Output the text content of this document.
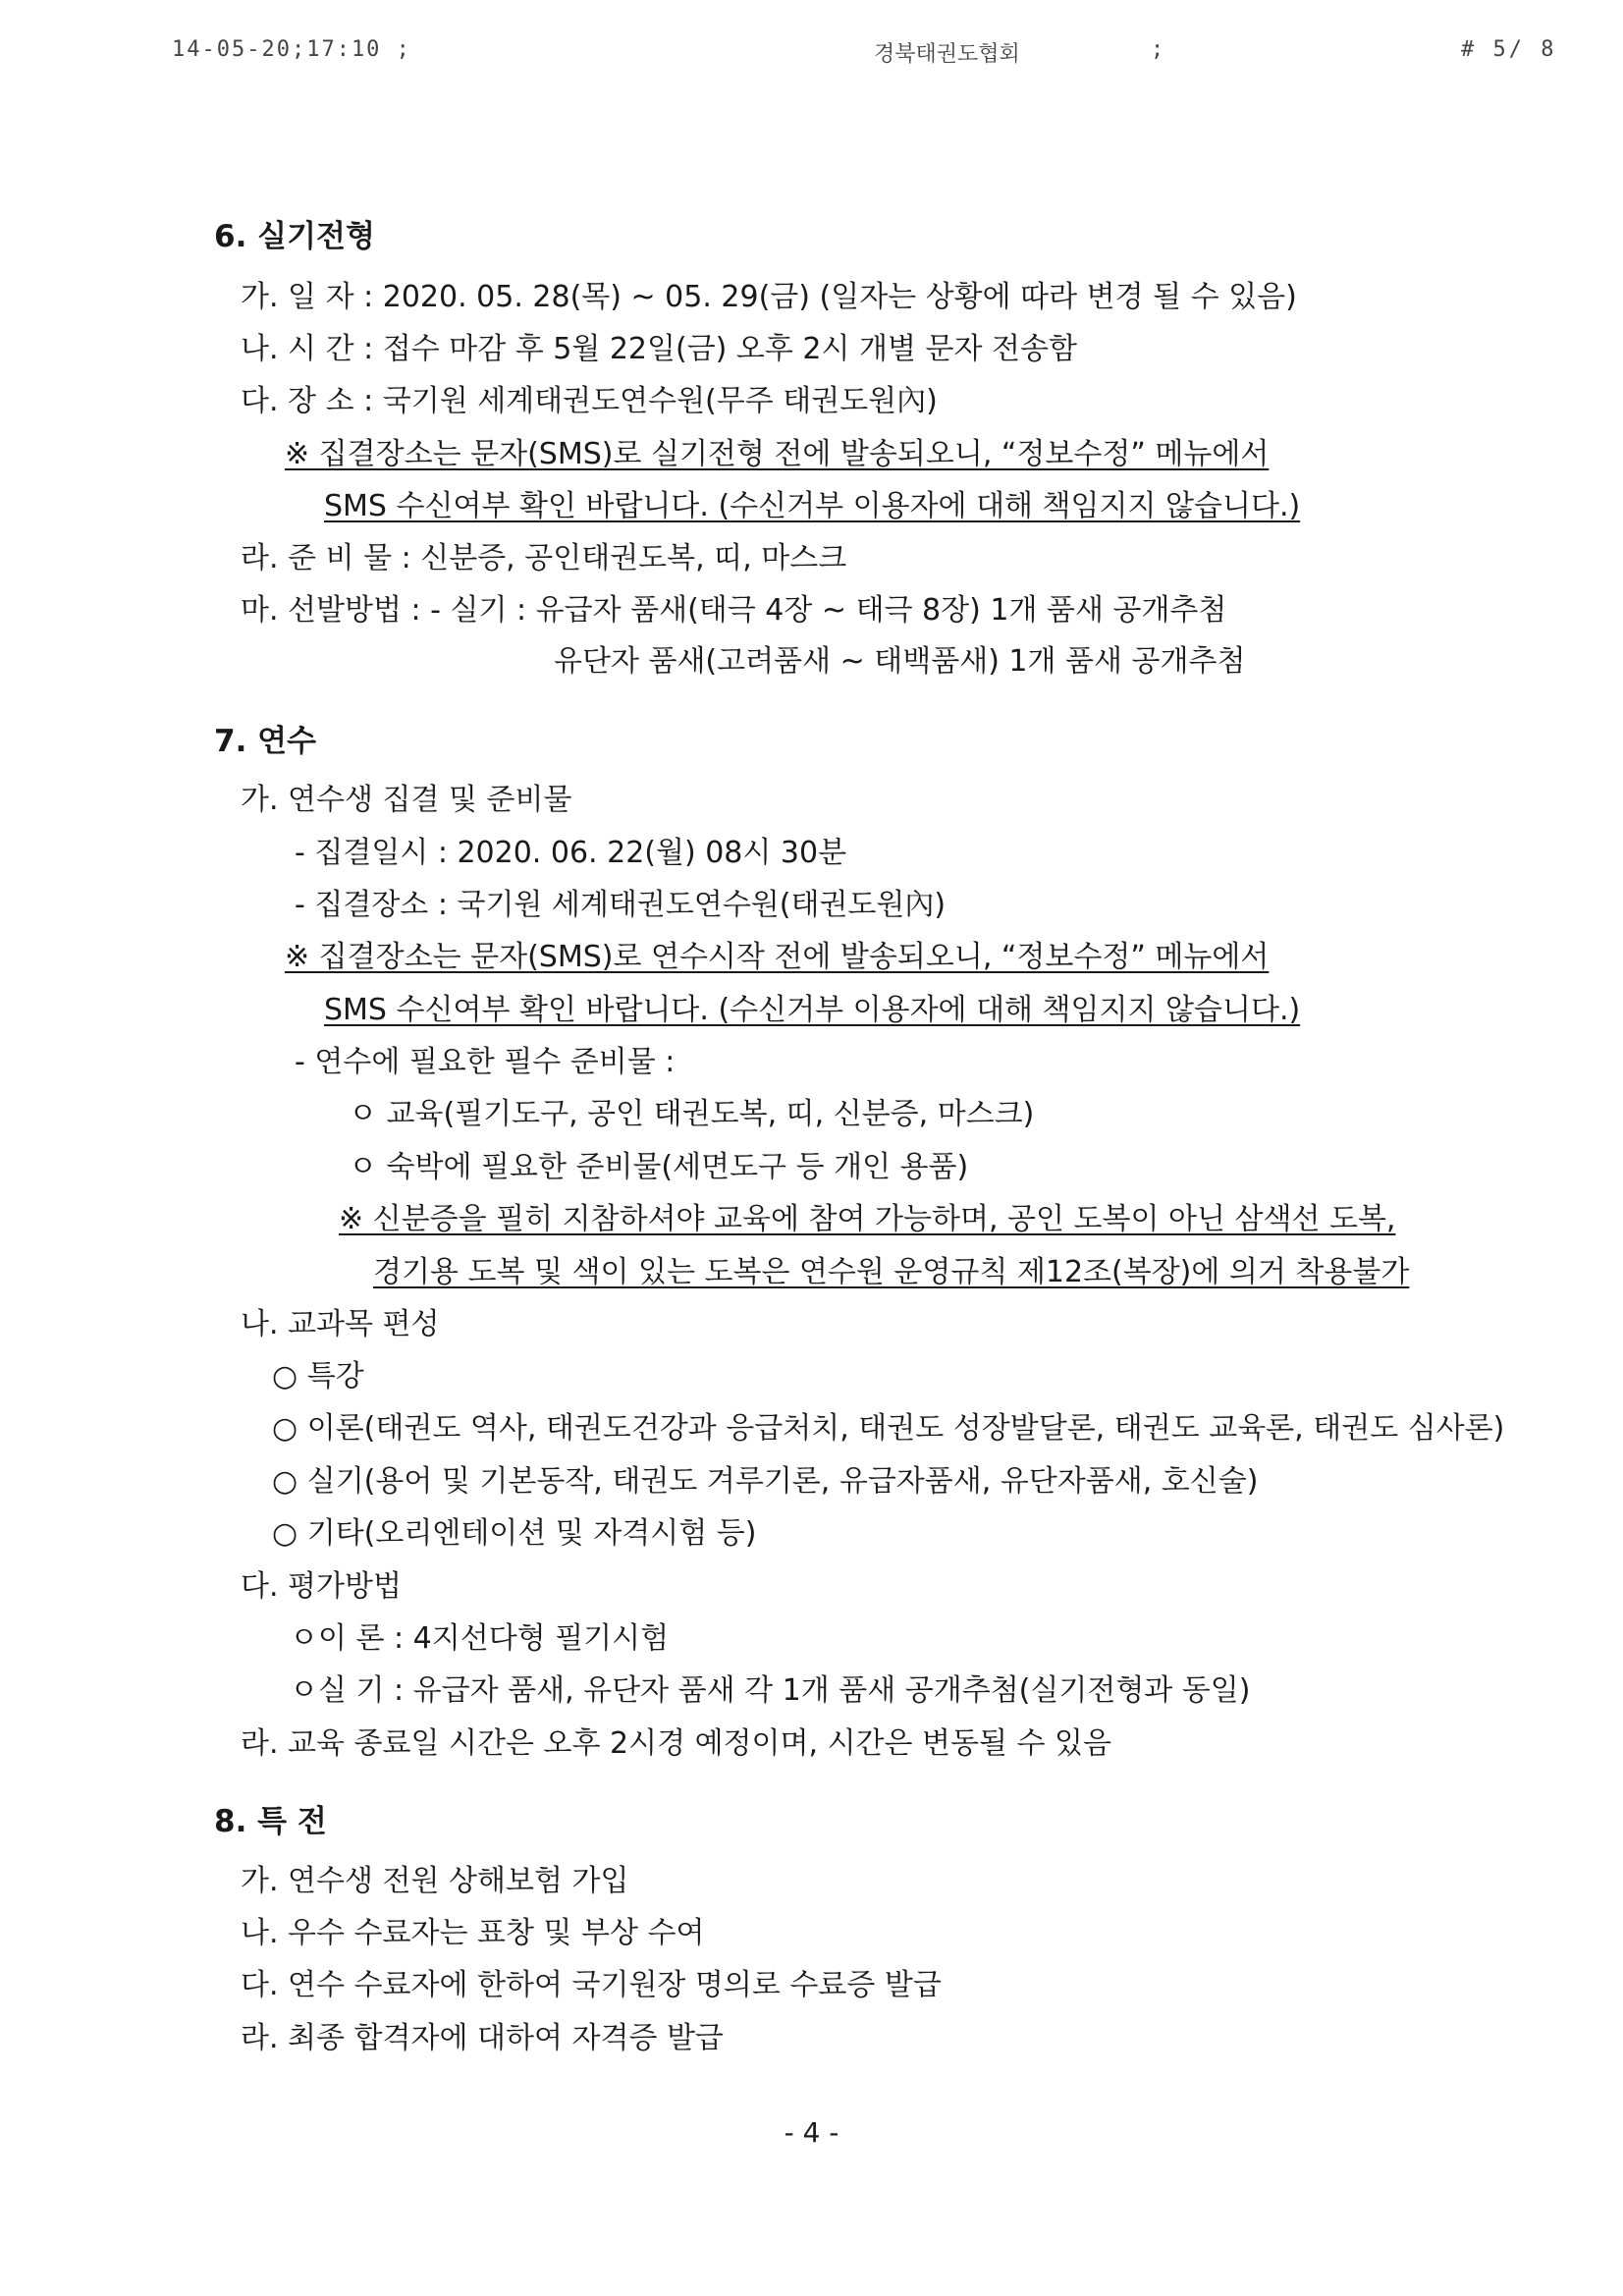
14-05-20;17:10 ;	경북태권도협회	;	# 5/ 8
6. 실기전형
가. 일 자 : 2020. 05. 28(목) ~ 05. 29(금) (일자는 상황에 따라 변경 될 수 있음)
나. 시 간 : 접수 마감 후 5월 22일(금) 오후 2시 개별 문자 전송함
다. 장 소 : 국기원 세계태권도연수원(무주 태권도원內)
※ 집결장소는 문자(SMS)로 실기전형 전에 발송되오니, “정보수정” 메뉴에서
SMS 수신여부 확인 바랍니다. (수신거부 이용자에 대해 책임지지 않습니다.)
라. 준 비 물 : 신분증, 공인태권도복, 띠, 마스크
마. 선발방법 : - 실기 : 유급자 품새(태극 4장 ~ 태극 8장) 1개 품새 공개추첨
유단자 품새(고려품새 ~ 태백품새) 1개 품새 공개추첨
7. 연수
가. 연수생 집결 및 준비물
- 집결일시 : 2020. 06. 22(월) 08시 30분
- 집결장소 : 국기원 세계태권도연수원(태권도원內)
※ 집결장소는 문자(SMS)로 연수시작 전에 발송되오니, “정보수정” 메뉴에서
SMS 수신여부 확인 바랍니다. (수신거부 이용자에 대해 책임지지 않습니다.)
- 연수에 필요한 필수 준비물 :
ㅇ 교육(필기도구, 공인 태권도복, 띠, 신분증, 마스크)
ㅇ 숙박에 필요한 준비물(세면도구 등 개인 용품)
※ 신분증을 필히 지참하셔야 교육에 참여 가능하며, 공인 도복이 아닌 삼색선 도복,
경기용 도복 및 색이 있는 도복은 연수원 운영규칙 제12조(복장)에 의거 착용불가
나. 교과목 편성
○ 특강
○ 이론(태권도 역사, 태권도건강과 응급처치, 태권도 성장발달론, 태권도 교육론, 태권도 심사론)
○ 실기(용어 및 기본동작, 태권도 겨루기론, 유급자품새, 유단자품새, 호신술)
○ 기타(오리엔테이션 및 자격시험 등)
다. 평가방법
ㅇ이 론 : 4지선다형 필기시험
ㅇ실 기 : 유급자 품새, 유단자 품새 각 1개 품새 공개추첨(실기전형과 동일)
라. 교육 종료일 시간은 오후 2시경 예정이며, 시간은 변동될 수 있음
8. 특 전
가. 연수생 전원 상해보험 가입
나. 우수 수료자는 표창 및 부상 수여
다. 연수 수료자에 한하여 국기원장 명의로 수료증 발급
라. 최종 합격자에 대하여 자격증 발급
- 4 -
